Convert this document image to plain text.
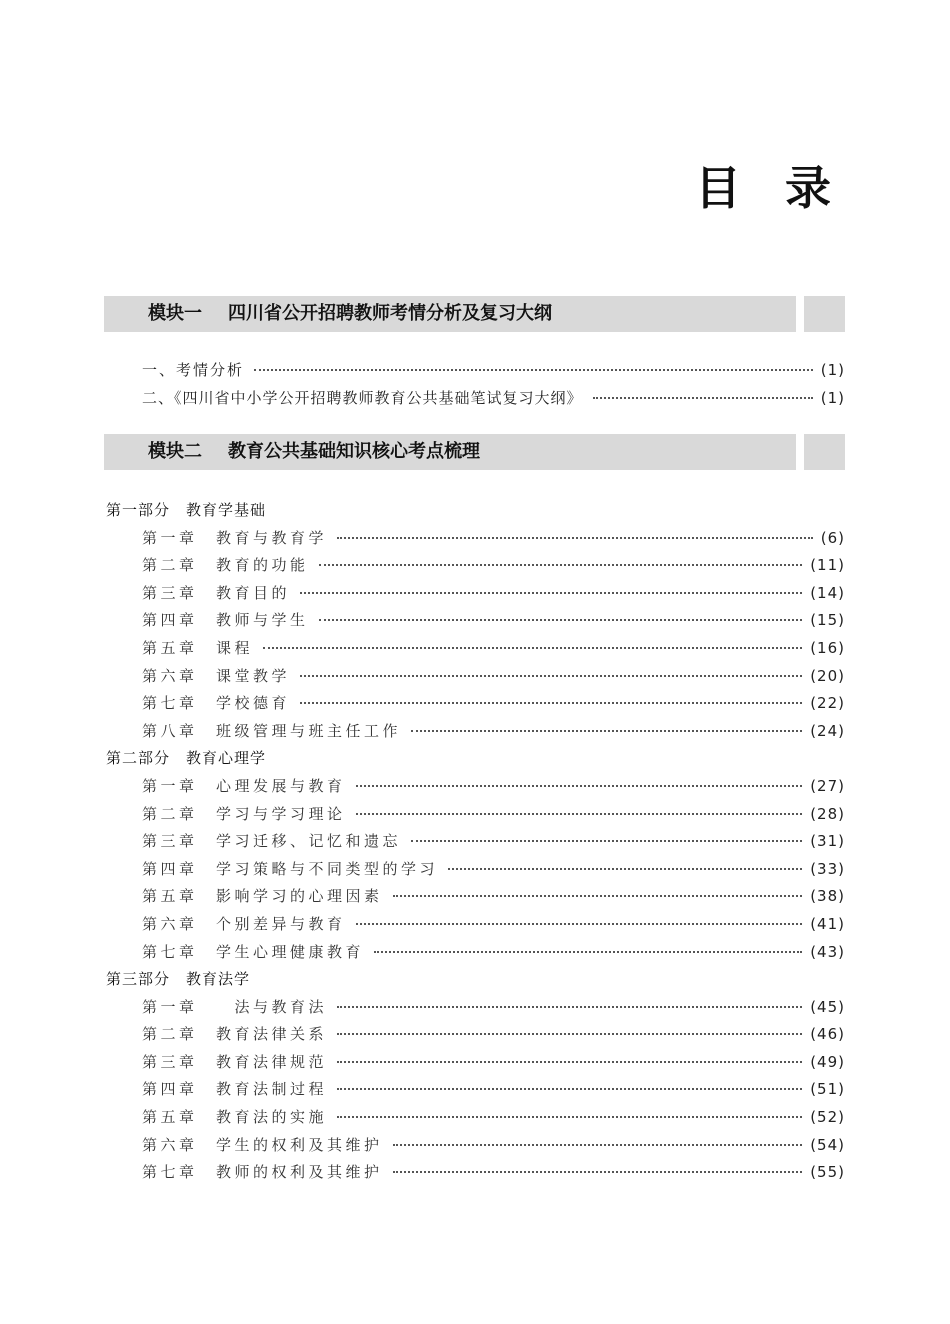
目 录
模块一 四川省公开招聘教师考情分析及复习大纲
一、考情分析	(1)
二、《四川省中小学公开招聘教师教育公共基础笔试复习大纲》	(1)
模块二 教育公共基础知识核心考点梳理
第一部分　教育学基础
第一章　教育与教育学	(6)
第二章　教育的功能	(11)
第三章　教育目的	(14)
第四章　教师与学生	(15)
第五章　课程	(16)
第六章　课堂教学	(20)
第七章　学校德育	(22)
第八章　班级管理与班主任工作	(24)
第二部分　教育心理学
第一章　心理发展与教育	(27)
第二章　学习与学习理论	(28)
第三章　学习迁移、记忆和遗忘	(31)
第四章　学习策略与不同类型的学习	(33)
第五章　影响学习的心理因素	(38)
第六章　个别差异与教育	(41)
第七章　学生心理健康教育	(43)
第三部分　教育法学
第一章　　法与教育法	(45)
第二章　教育法律关系	(46)
第三章　教育法律规范	(49)
第四章　教育法制过程	(51)
第五章　教育法的实施	(52)
第六章　学生的权利及其维护	(54)
第七章　教师的权利及其维护	(55)
